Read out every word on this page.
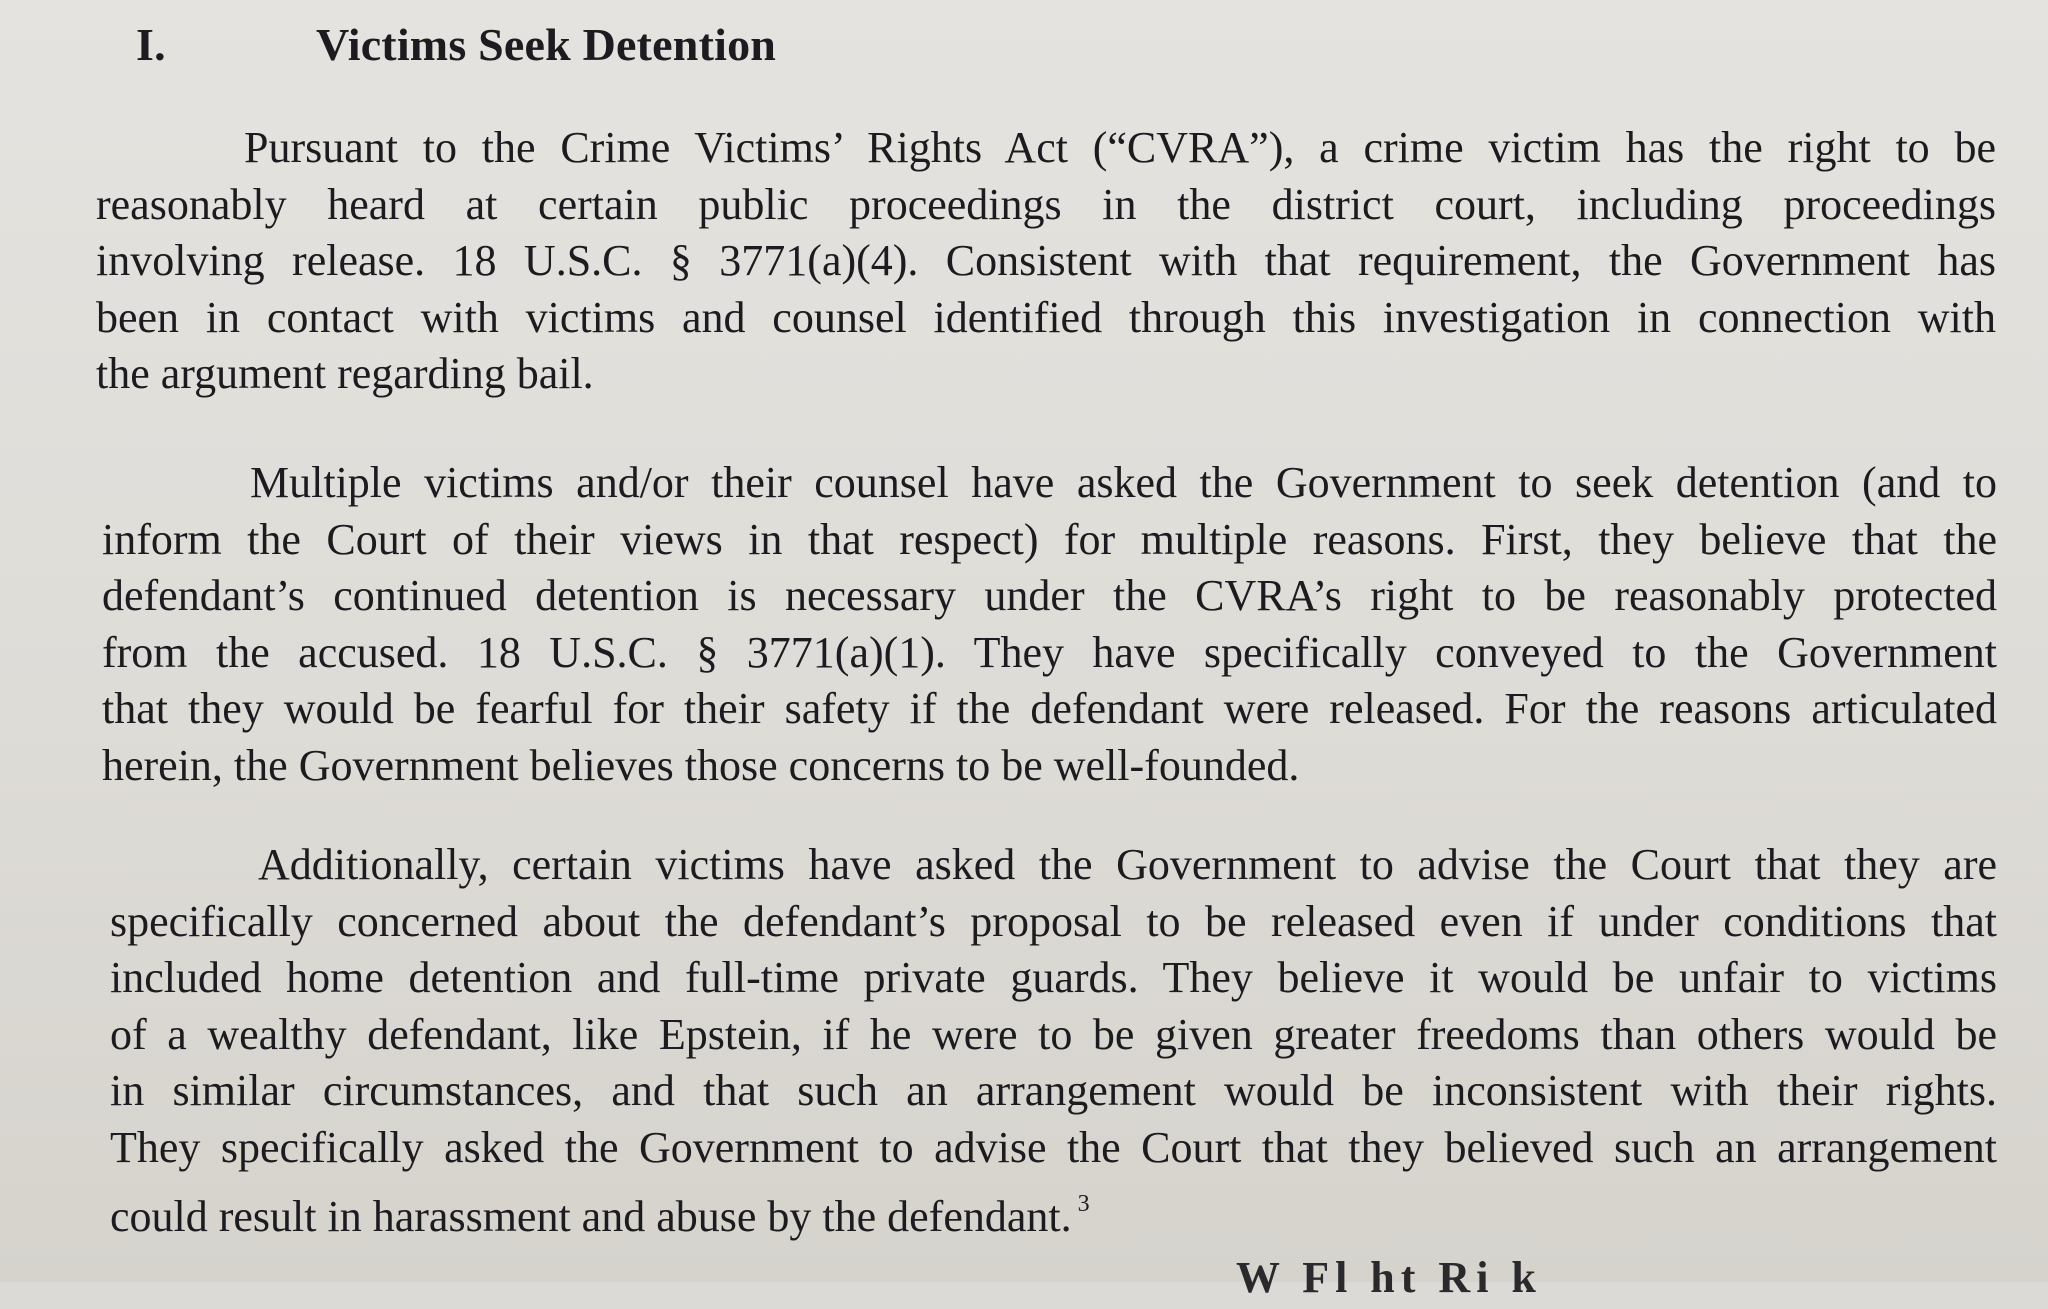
I.	Victims Seek Detention
Pursuant to the Crime Victims’ Rights Act (“CVRA”), a crime victim has the right to be
reasonably heard at certain public proceedings in the district court, including proceedings
involving release. 18 U.S.C. § 3771(a)(4). Consistent with that requirement, the Government has
been in contact with victims and counsel identified through this investigation in connection with
the argument regarding bail.
Multiple victims and/or their counsel have asked the Government to seek detention (and to
inform the Court of their views in that respect) for multiple reasons. First, they believe that the
defendant’s continued detention is necessary under the CVRA’s right to be reasonably protected
from the accused. 18 U.S.C. § 3771(a)(1). They have specifically conveyed to the Government
that they would be fearful for their safety if the defendant were released. For the reasons articulated
herein, the Government believes those concerns to be well-founded.
Additionally, certain victims have asked the Government to advise the Court that they are
specifically concerned about the defendant’s proposal to be released even if under conditions that
included home detention and full-time private guards. They believe it would be unfair to victims
of a wealthy defendant, like Epstein, if he were to be given greater freedoms than others would be
in similar circumstances, and that such an arrangement would be inconsistent with their rights.
They specifically asked the Government to advise the Court that they believed such an arrangement
could result in harassment and abuse by the defendant. $^3$
W Fl ht Ri k
